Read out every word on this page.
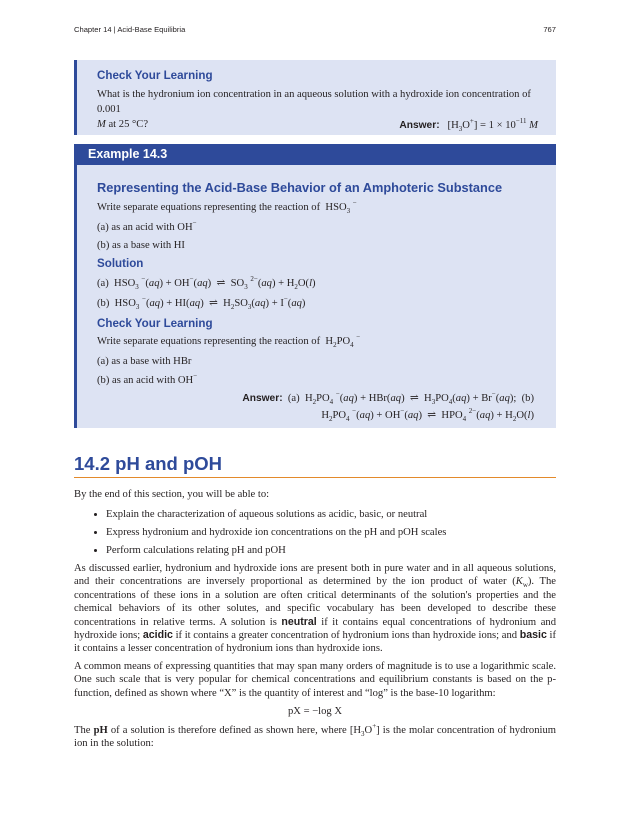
Chapter 14 | Acid-Base Equilibria	767
Check Your Learning
What is the hydronium ion concentration in an aqueous solution with a hydroxide ion concentration of 0.001
M at 25 °C?	Answer: $[H_3O^+] = 1 \times 10^{-11}$ M
Example 14.3
Representing the Acid-Base Behavior of an Amphoteric Substance
Write separate equations representing the reaction of  $HSO_3$ −
(a) as an acid with OH−
(b) as a base with HI
Solution
(a)  $HSO_3$ −(aq) + OH−(aq)  ⇌  $SO_3$ $^{2-}(aq) + H_2O(l)$
(b)  $HSO_3$ −(aq) + HI(aq)  ⇌  $H_2SO_3(aq) + I^-(aq)$
Check Your Learning
Write separate equations representing the reaction of  $H_2PO_4$ −
(a) as a base with HBr
(b) as an acid with OH−
Answer:  (a)  $H_2PO_4$ −(aq) + HBr(aq)  ⇌  $H_3PO_4(aq) + Br^-(aq)$;  (b)
$H_2PO_4$ −(aq) + OH−(aq)  ⇌  $HPO_4$ $^{2-}(aq) + H_2O(l)$
14.2 pH and pOH
By the end of this section, you will be able to:
• Explain the characterization of aqueous solutions as acidic, basic, or neutral
• Express hydronium and hydroxide ion concentrations on the pH and pOH scales
• Perform calculations relating pH and pOH
As discussed earlier, hydronium and hydroxide ions are present both in pure water and in all aqueous solutions, and their concentrations are inversely proportional as determined by the ion product of water $(K_w)$. The concentrations of these ions in a solution are often critical determinants of the solution's properties and the chemical behaviors of its other solutes, and specific vocabulary has been developed to describe these concentrations in relative terms. A solution is neutral if it contains equal concentrations of hydronium and hydroxide ions; acidic if it contains a greater concentration of hydronium ions than hydroxide ions; and basic if it contains a lesser concentration of hydronium ions than hydroxide ions.
A common means of expressing quantities that may span many orders of magnitude is to use a logarithmic scale. One such scale that is very popular for chemical concentrations and equilibrium constants is based on the p-function, defined as shown where “X” is the quantity of interest and “log” is the base-10 logarithm:
pX = −log X
The pH of a solution is therefore defined as shown here, where $[H_3O^+]$ is the molar concentration of hydronium ion in the solution:
